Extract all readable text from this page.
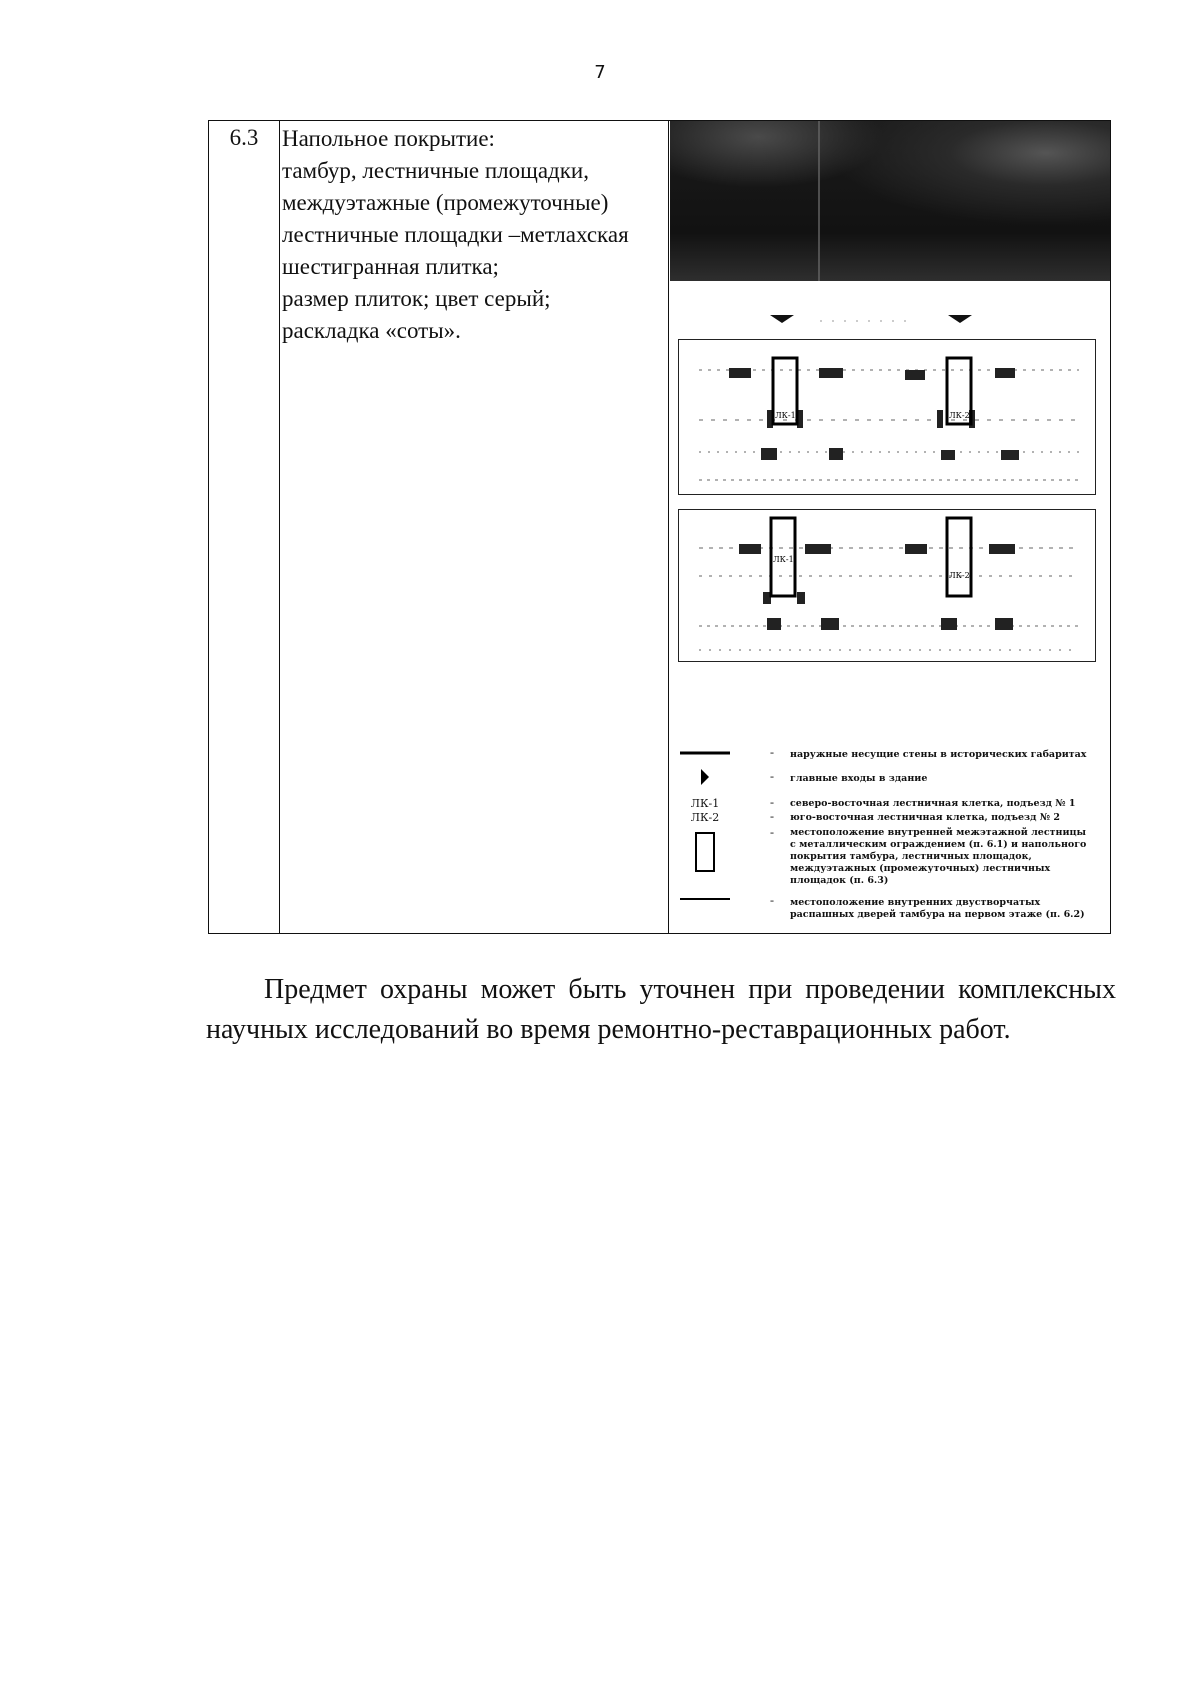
7
6.3	Напольное покрытие:
тамбур, лестничные площадки,
междуэтажные (промежуточные)
лестничные площадки –метлахская
шестигранная плитка;
размер плиток; цвет серый;
раскладка «соты».
ЛК-1	ЛК-2
ЛК-1
ЛК-2
- наружные несущие стены в исторических габаритах
- главные входы в здание
ЛК-1	- северо-восточная лестничная клетка, подъезд № 1
ЛК-2	- юго-восточная лестничная клетка, подъезд № 2
- местоположение внутренней межэтажной лестницы с металлическим ограждением (п. 6.1) и напольного покрытия тамбура, лестничных площадок, междуэтажных (промежуточных) лестничных площадок (п. 6.3)
- местоположение внутренних двустворчатых распашных дверей тамбура на первом этаже (п. 6.2)
Предмет охраны может быть уточнен при проведении комплексных научных исследований во время ремонтно-реставрационных работ.
